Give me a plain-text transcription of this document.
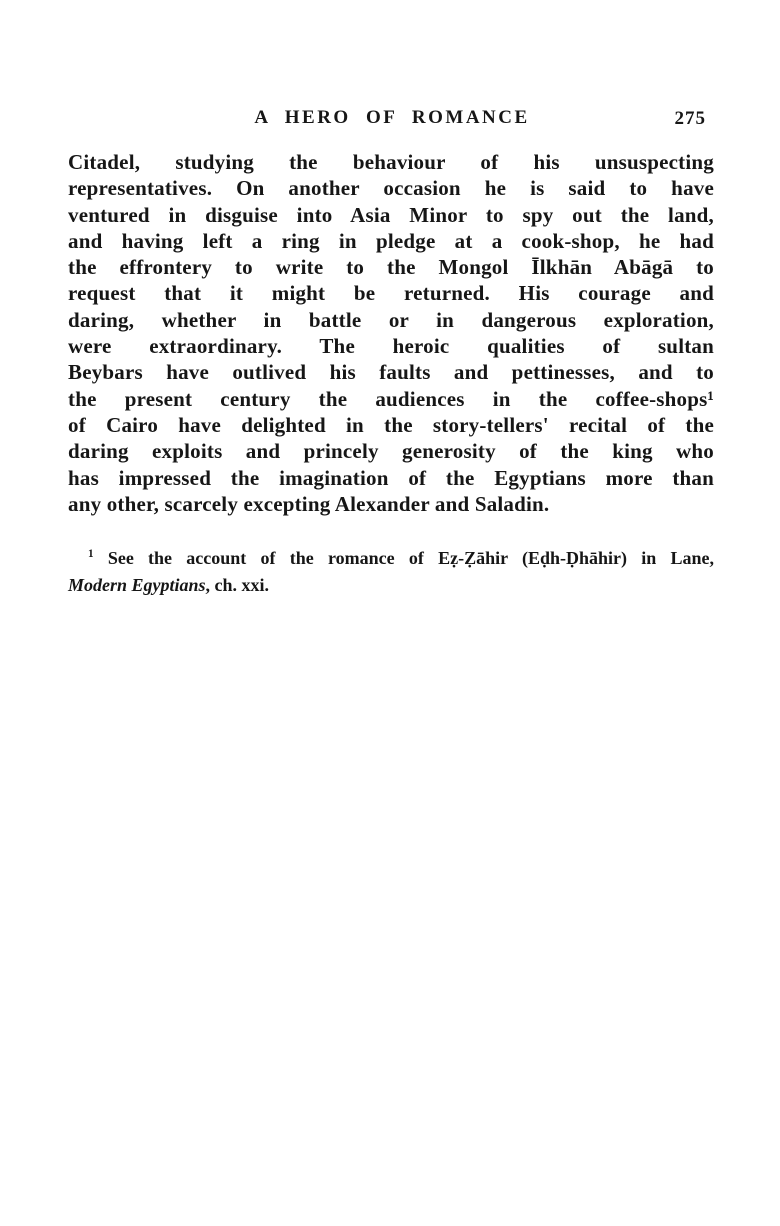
A HERO OF ROMANCE	275
Citadel, studying the behaviour of his unsuspecting
representatives. On another occasion he is said to have
ventured in disguise into Asia Minor to spy out the land,
and having left a ring in pledge at a cook-shop, he had
the effrontery to write to the Mongol Īlkhān Abāgā to
request that it might be returned. His courage and
daring, whether in battle or in dangerous exploration,
were extraordinary. The heroic qualities of sultan
Beybars have outlived his faults and pettinesses, and to
the present century the audiences in the coffee-shops¹
of Cairo have delighted in the story-tellers' recital of the
daring exploits and princely generosity of the king who
has impressed the imagination of the Egyptians more than
any other, scarcely excepting Alexander and Saladin.
$^1$ See the account of the romance of Eẓ-Ẓāhir (Eḍh-Ḍhāhir) in Lane,
Modern Egyptians, ch. xxi.
